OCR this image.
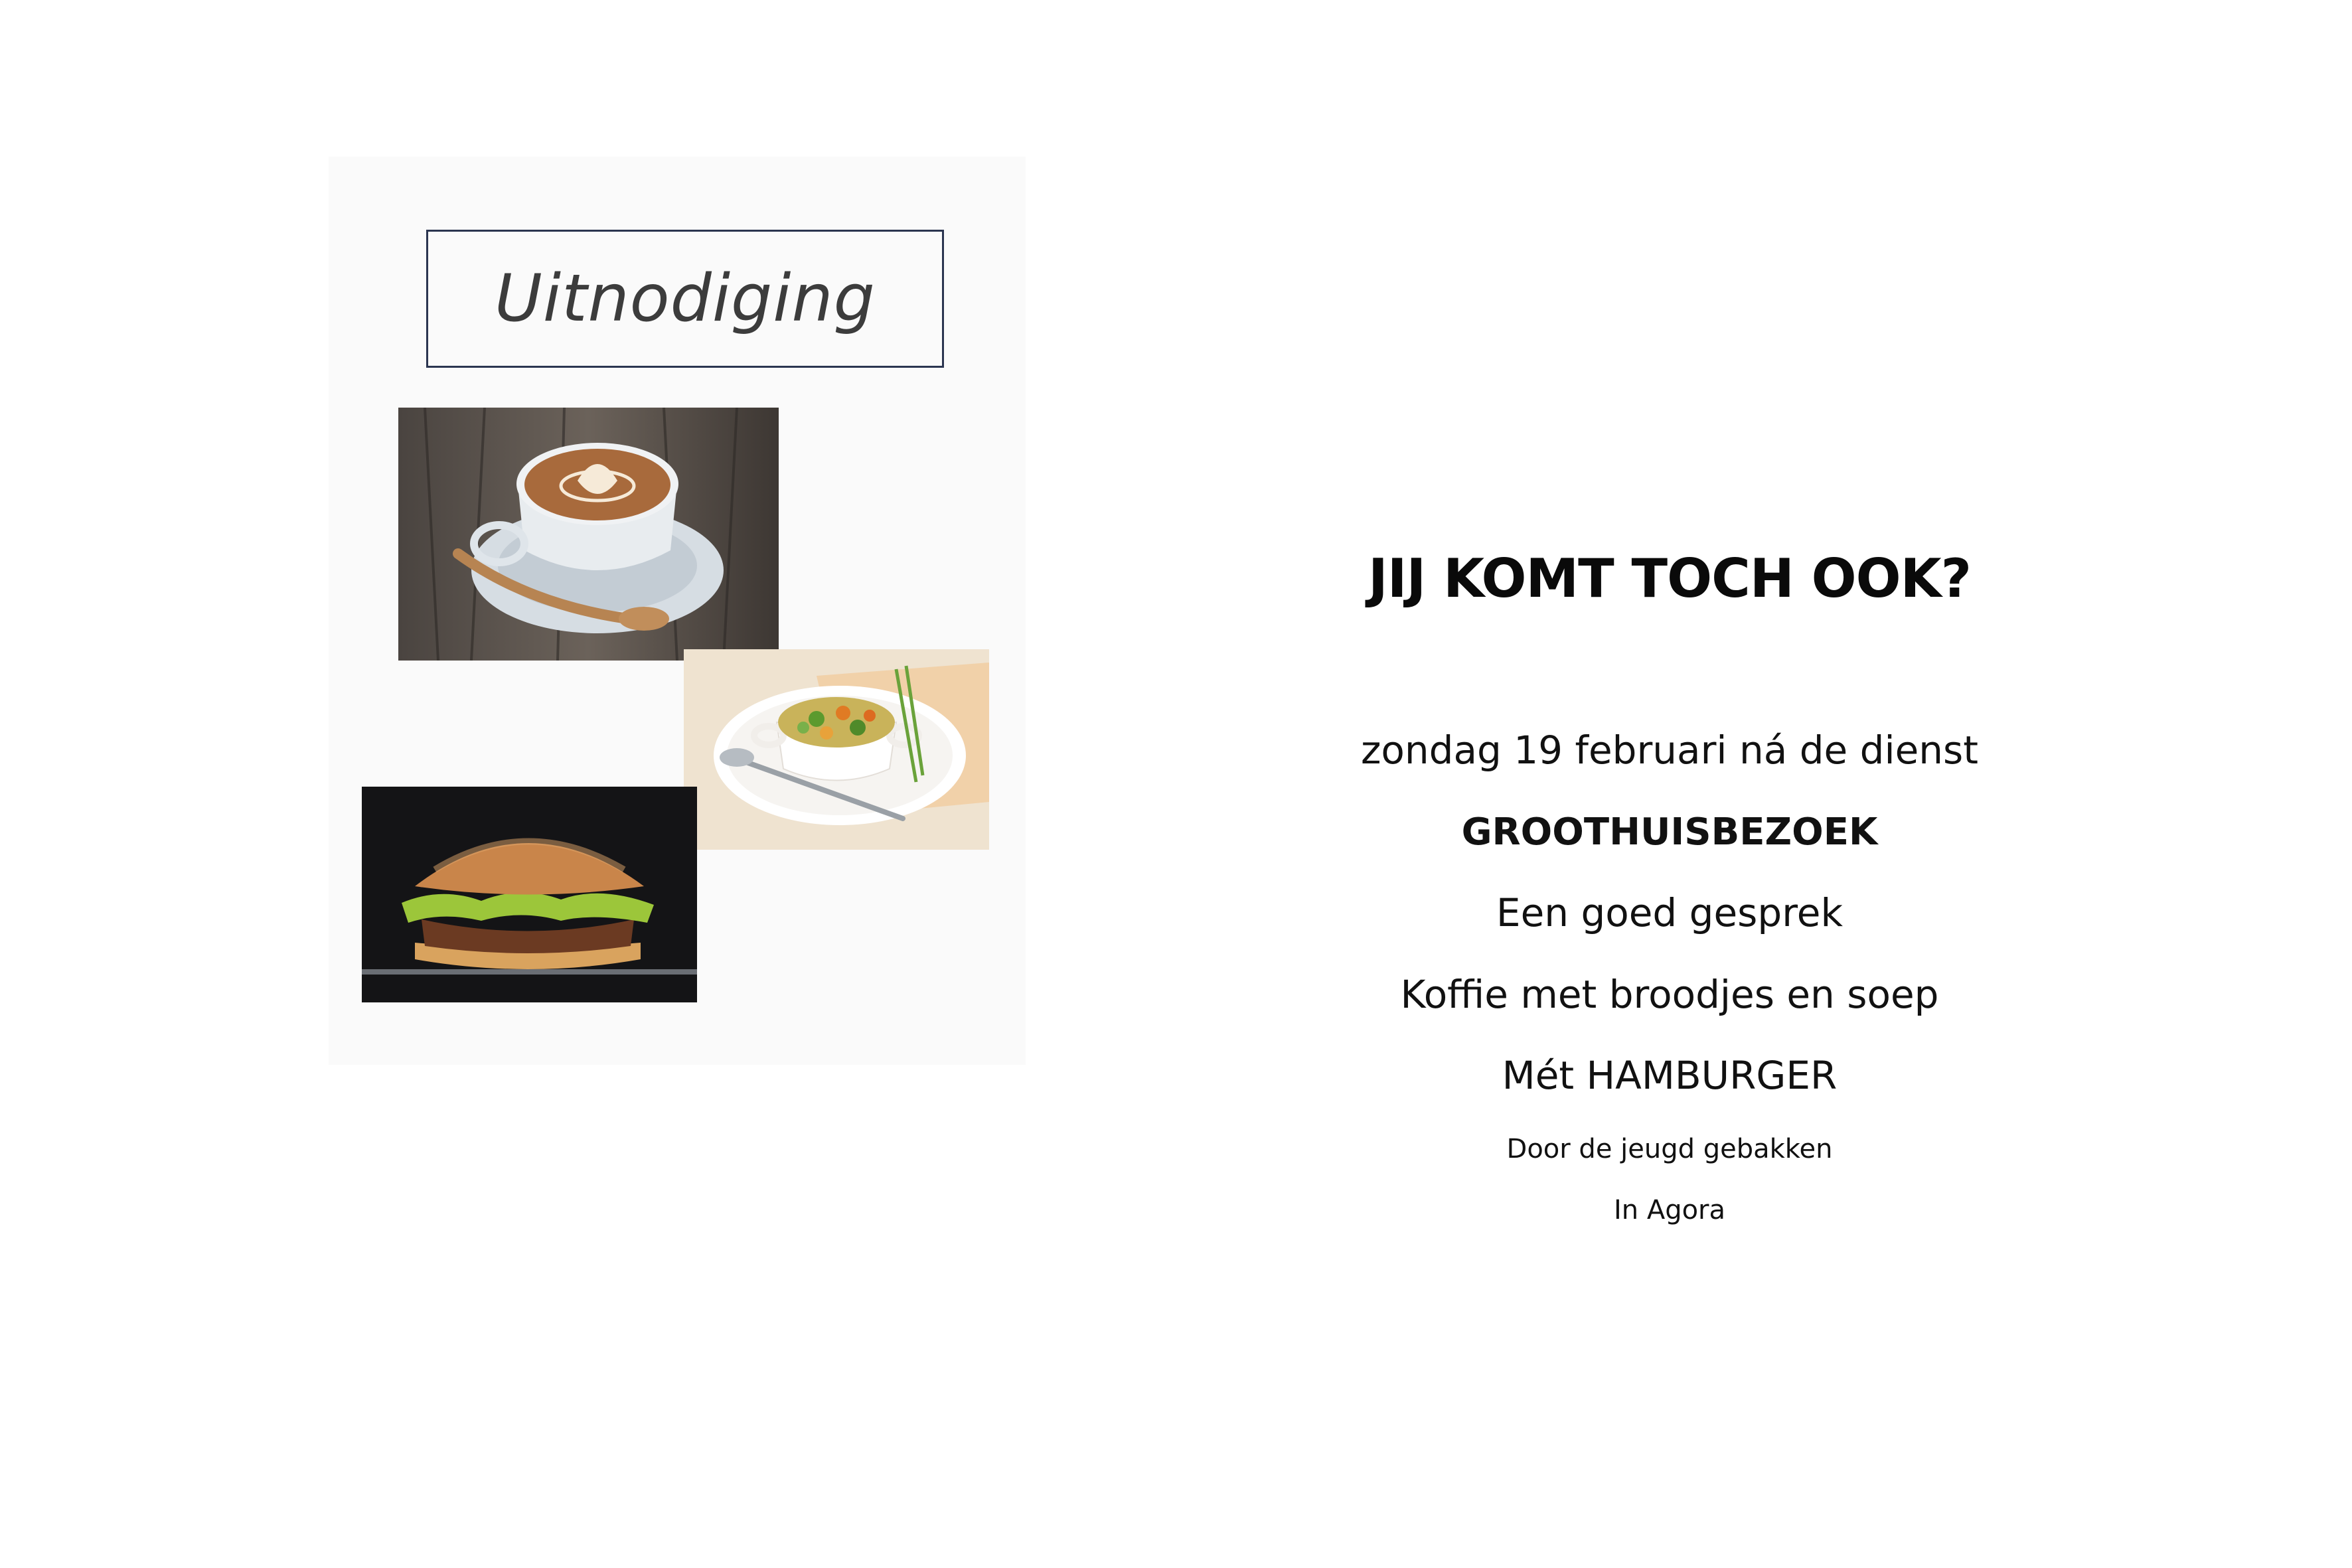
Uitnodiging
JIJ KOMT TOCH OOK?
zondag 19 februari ná de dienst
GROOTHUISBEZOEK
Een goed gesprek
Koffie met broodjes en soep
Mét HAMBURGER
Door de jeugd gebakken
In Agora
